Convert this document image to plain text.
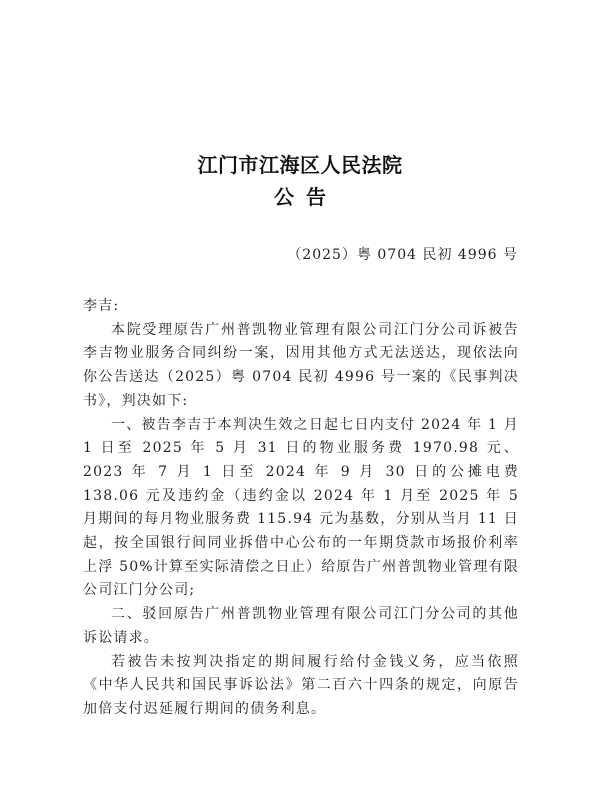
江门市江海区人民法院
公告
（2025）粤 0704 民初 4996 号

李吉:

本院受理原告广州普凯物业管理有限公司江门分公司诉被告李吉物业服务合同纠纷一案，因用其他方式无法送达，现依法向你公告送达（2025）粤 0704 民初 4996 号一案的《民事判决书》，判决如下:

一、被告李吉于本判决生效之日起七日内支付 2024 年 1 月 1 日至 2025 年 5 月 31 日的物业服务费 1970.98 元、2023 年 7 月 1 日至 2024 年 9 月 30 日的公摊电费 138.06 元及违约金（违约金以 2024 年 1 月至 2025 年 5 月期间的每月物业服务费 115.94 元为基数，分别从当月 11 日起，按全国银行间同业拆借中心公布的一年期贷款市场报价利率上浮 50%计算至实际清偿之日止）给原告广州普凯物业管理有限公司江门分公司;

二、驳回原告广州普凯物业管理有限公司江门分公司的其他诉讼请求。

若被告未按判决指定的期间履行给付金钱义务，应当依照《中华人民共和国民事诉讼法》第二百六十四条的规定，向原告加倍支付迟延履行期间的债务利息。
